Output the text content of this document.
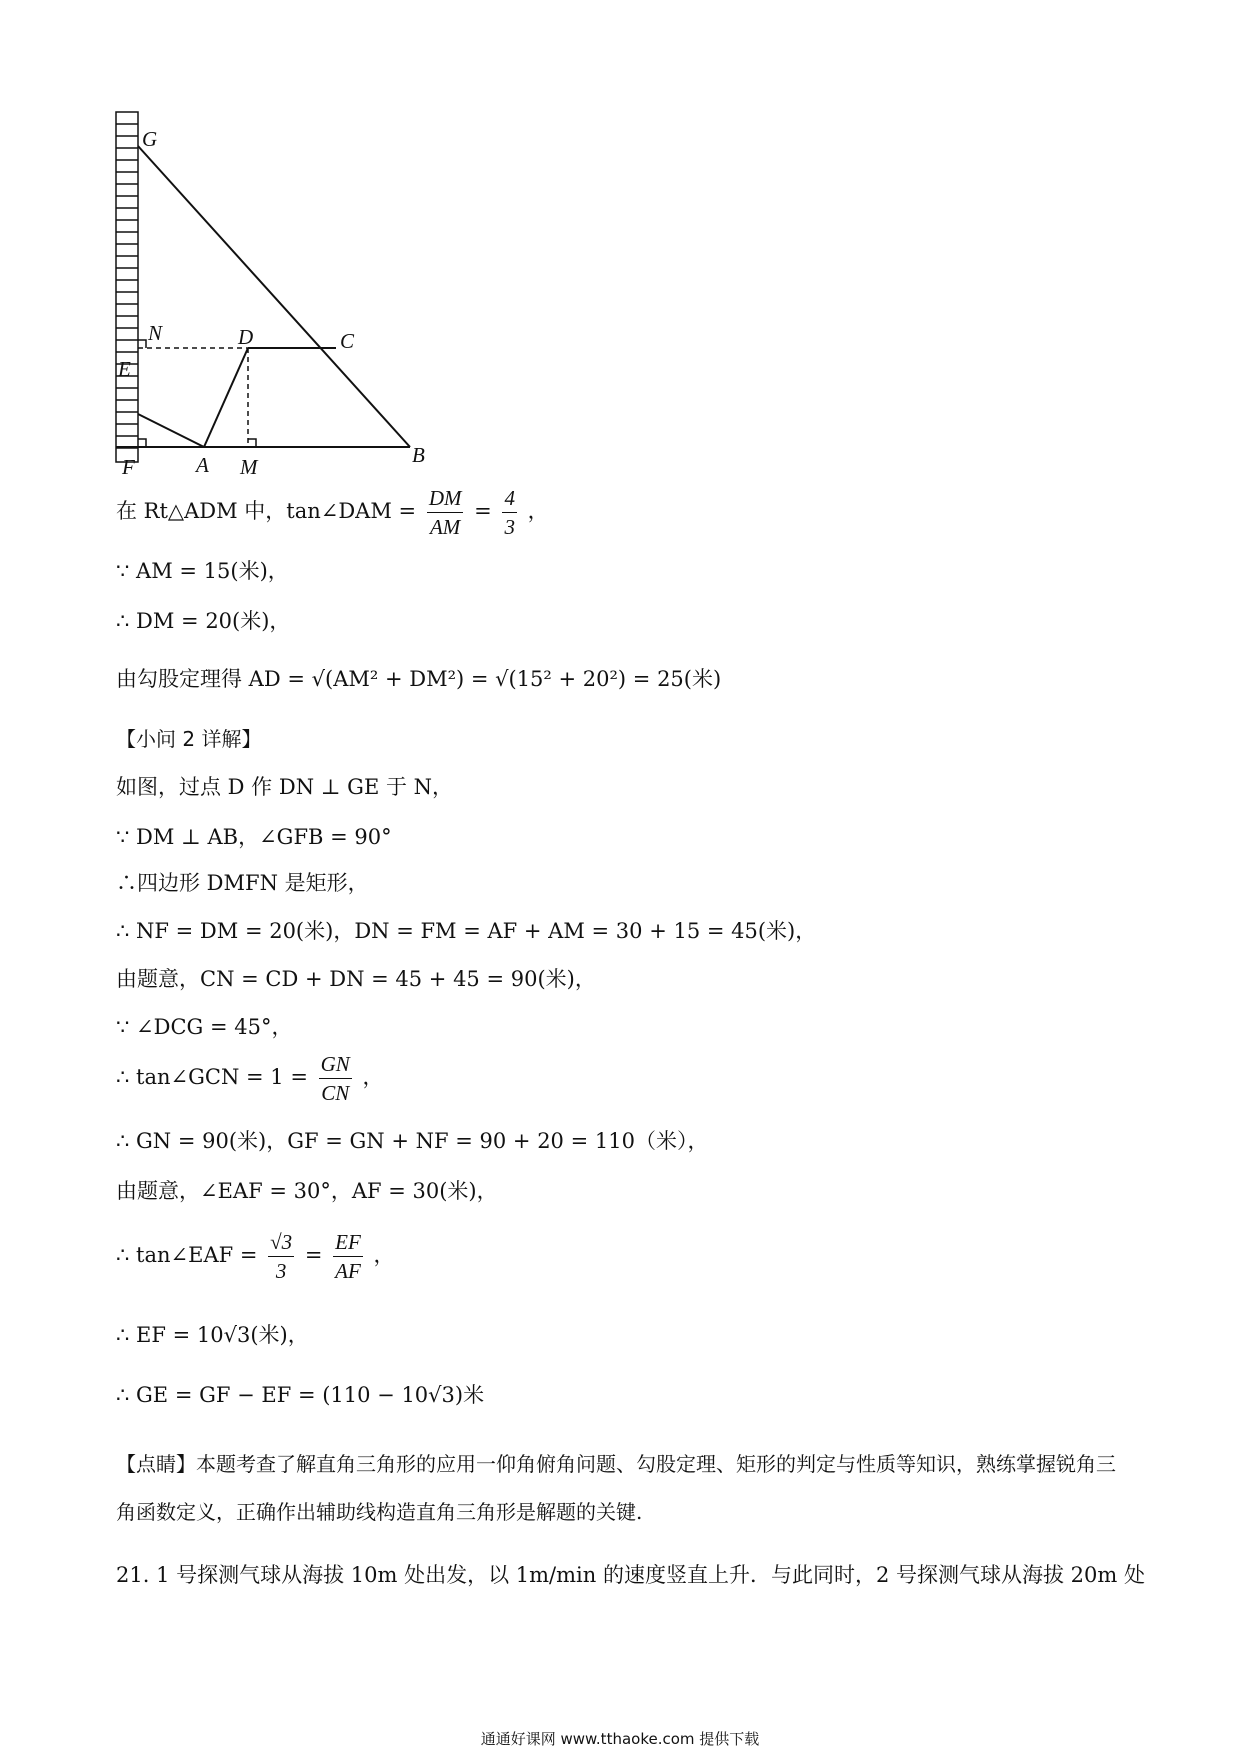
G
N	D	C
E
F	A M	B
在 Rt△ADM 中，tan∠DAM = $\frac{DM}{AM} = \frac{4}{3}$ ，
∵ AM = 15(米)，
∴ DM = 20(米)，
由勾股定理得 AD = √(AM² + DM²) = √(15² + 20²) = 25(米)
【小问 2 详解】
如图，过点 D 作 DN ⊥ GE 于 N，
∵ DM ⊥ AB，∠GFB = 90°
∴四边形 DMFN 是矩形，
∴ NF = DM = 20(米)，DN = FM = AF + AM = 30 + 15 = 45(米)，
由题意，CN = CD + DN = 45 + 45 = 90(米)，
∵ ∠DCG = 45°，
∴ tan∠GCN = $1 = \frac{GN}{CN}$ ，
∴ GN = 90(米)，GF = GN + NF = 90 + 20 = 110（米），
由题意，∠EAF = 30°，AF = 30(米)，
∴ tan∠EAF = $\frac{√3}{3} = \frac{EF}{AF}$ ，
∴ EF = 10√3(米)，
∴ GE = GF − EF = (110 − 10√3)米
【点睛】本题考查了解直角三角形的应用一仰角俯角问题、勾股定理、矩形的判定与性质等知识，熟练掌握锐角三角函数定义，正确作出辅助线构造直角三角形是解题的关键.
21. 1 号探测气球从海拔 10m 处出发，以 1m/min 的速度竖直上升．与此同时，2 号探测气球从海拔 20m 处
通通好课网 www.tthaoke.com 提供下载
